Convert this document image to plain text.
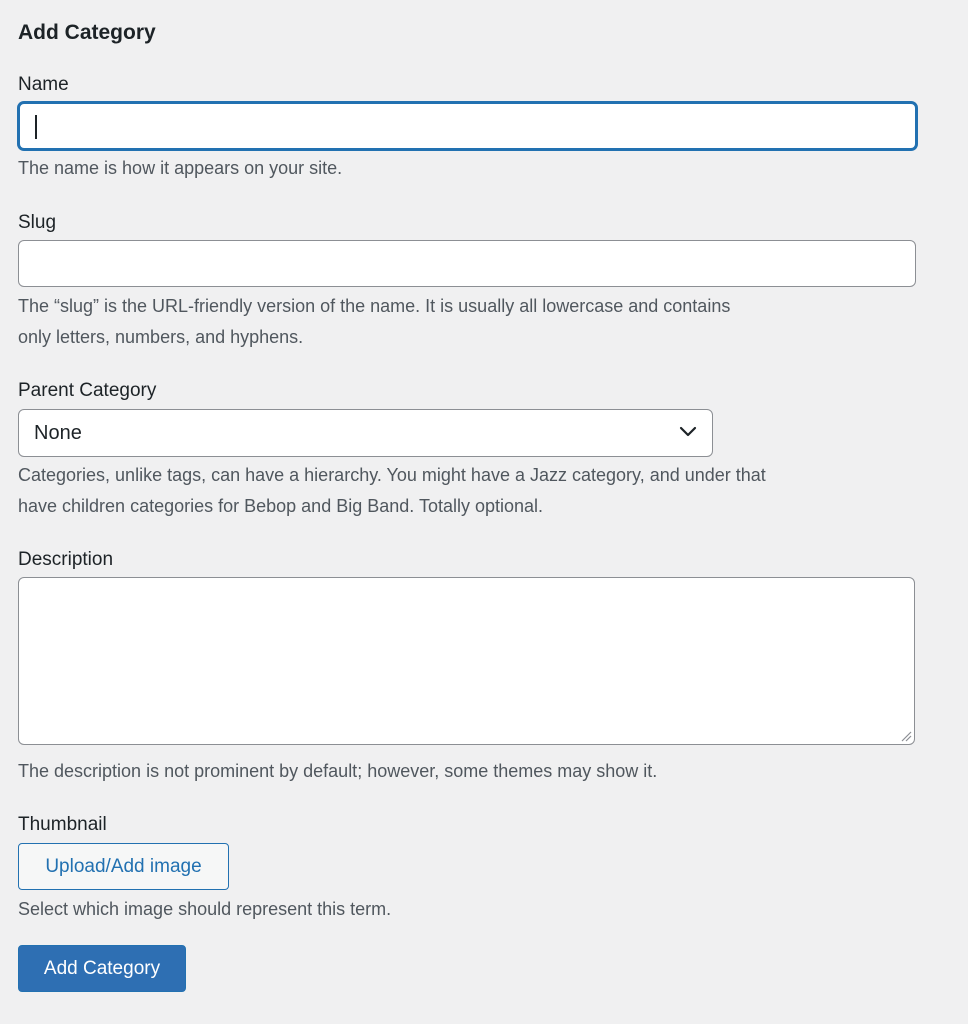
Add Category
Name
The name is how it appears on your site.
Slug
The “slug” is the URL-friendly version of the name. It is usually all lowercase and contains
only letters, numbers, and hyphens.
Parent Category
None
Categories, unlike tags, can have a hierarchy. You might have a Jazz category, and under that
have children categories for Bebop and Big Band. Totally optional.
Description
The description is not prominent by default; however, some themes may show it.
Thumbnail
Upload/Add image
Select which image should represent this term.
Add Category
